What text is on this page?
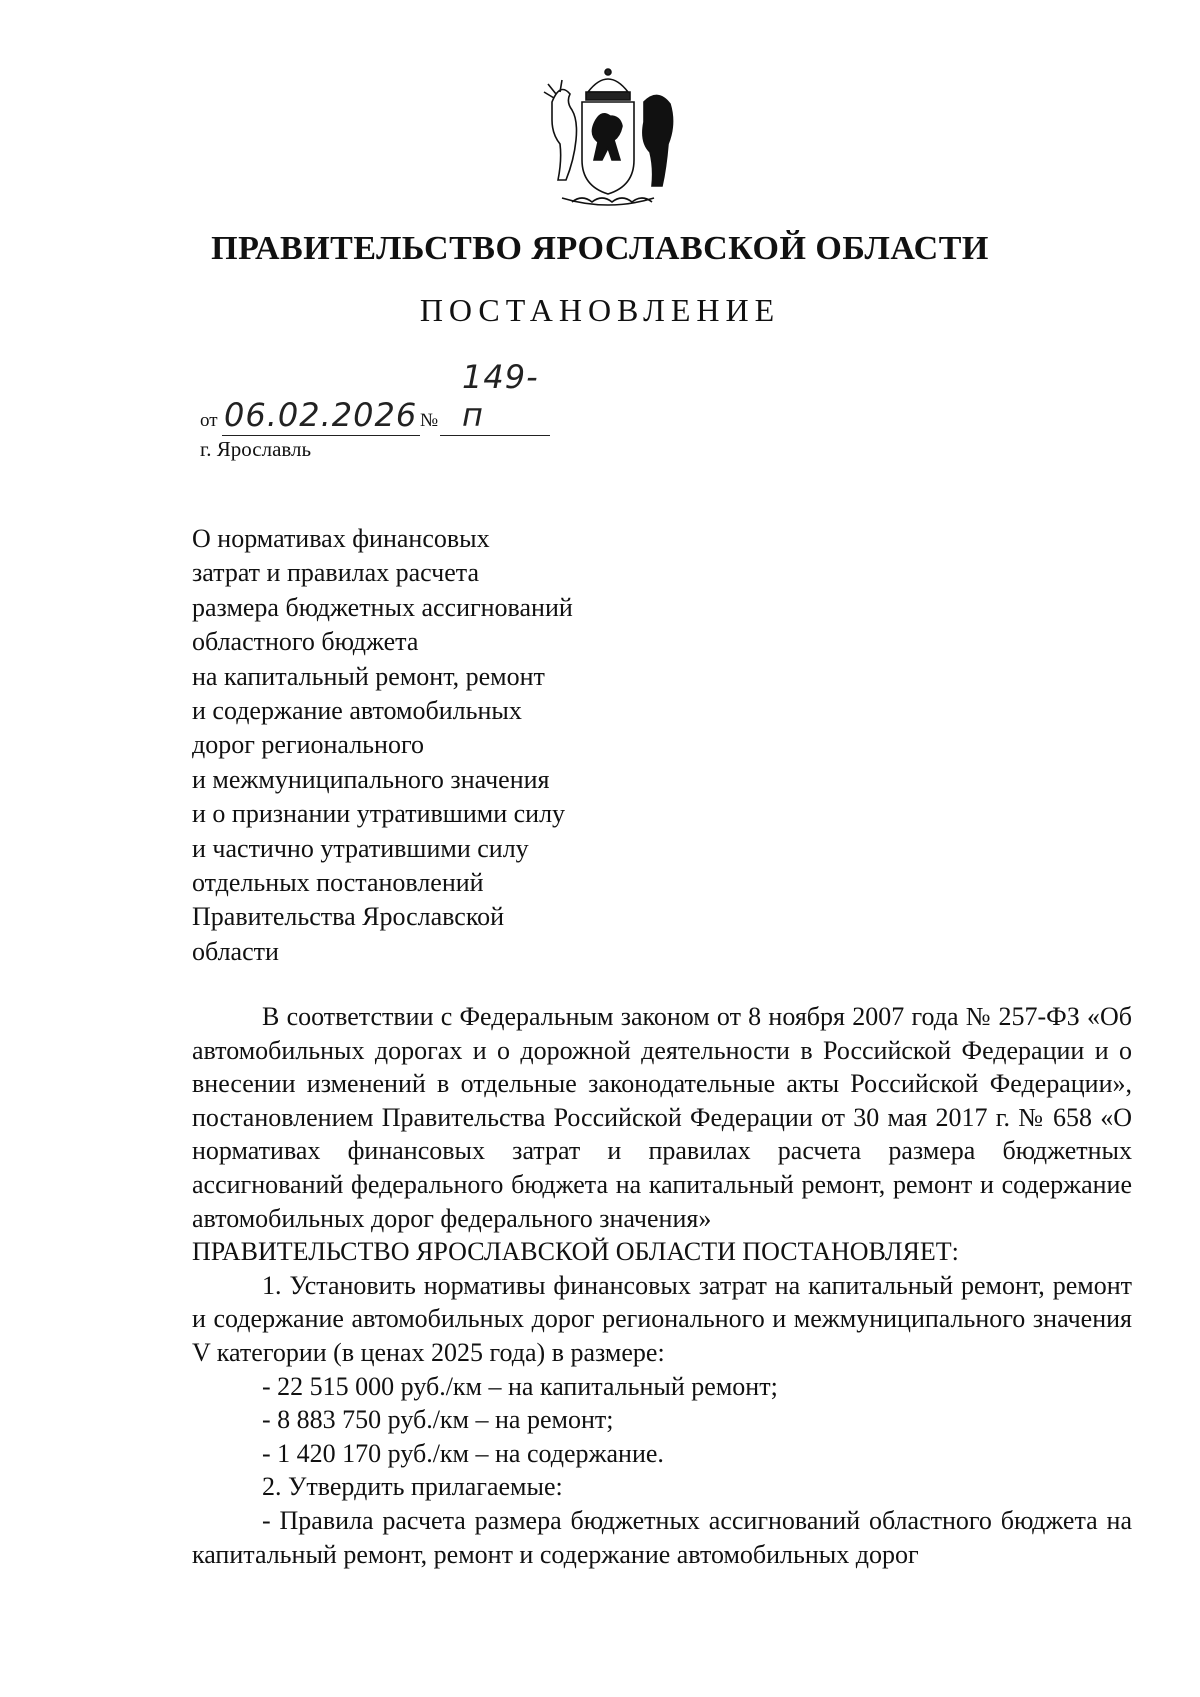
ПРАВИТЕЛЬСТВО ЯРОСЛАВСКОЙ ОБЛАСТИ
ПОСТАНОВЛЕНИЕ
от 06.02.2026 №
149-п
г. Ярославль
О нормативах финансовых
затрат и правилах расчета
размера бюджетных ассигнований
областного бюджета
на капитальный ремонт, ремонт
и содержание автомобильных
дорог регионального
и межмуниципального значения
и о признании утратившими силу
и частично утратившими силу
отдельных постановлений
Правительства Ярославской
области

В соответствии с Федеральным законом от 8 ноября 2007 года № 257-ФЗ «Об автомобильных дорогах и о дорожной деятельности в Российской Федерации и о внесении изменений в отдельные законодательные акты Российской Федерации», постановлением Правительства Российской Федерации от 30 мая 2017 г. № 658 «О нормативах финансовых затрат и правилах расчета размера бюджетных ассигнований федерального бюджета на капитальный ремонт, ремонт и содержание автомобильных дорог федерального значения»

ПРАВИТЕЛЬСТВО ЯРОСЛАВСКОЙ ОБЛАСТИ ПОСТАНОВЛЯЕТ:

1. Установить нормативы финансовых затрат на капитальный ремонт, ремонт и содержание автомобильных дорог регионального и межмуниципального значения V категории (в ценах 2025 года) в размере:

- 22 515 000 руб./км – на капитальный ремонт;

- 8 883 750 руб./км – на ремонт;

- 1 420 170 руб./км – на содержание.

2. Утвердить прилагаемые:

- Правила расчета размера бюджетных ассигнований областного бюджета на капитальный ремонт, ремонт и содержание автомобильных дорог
